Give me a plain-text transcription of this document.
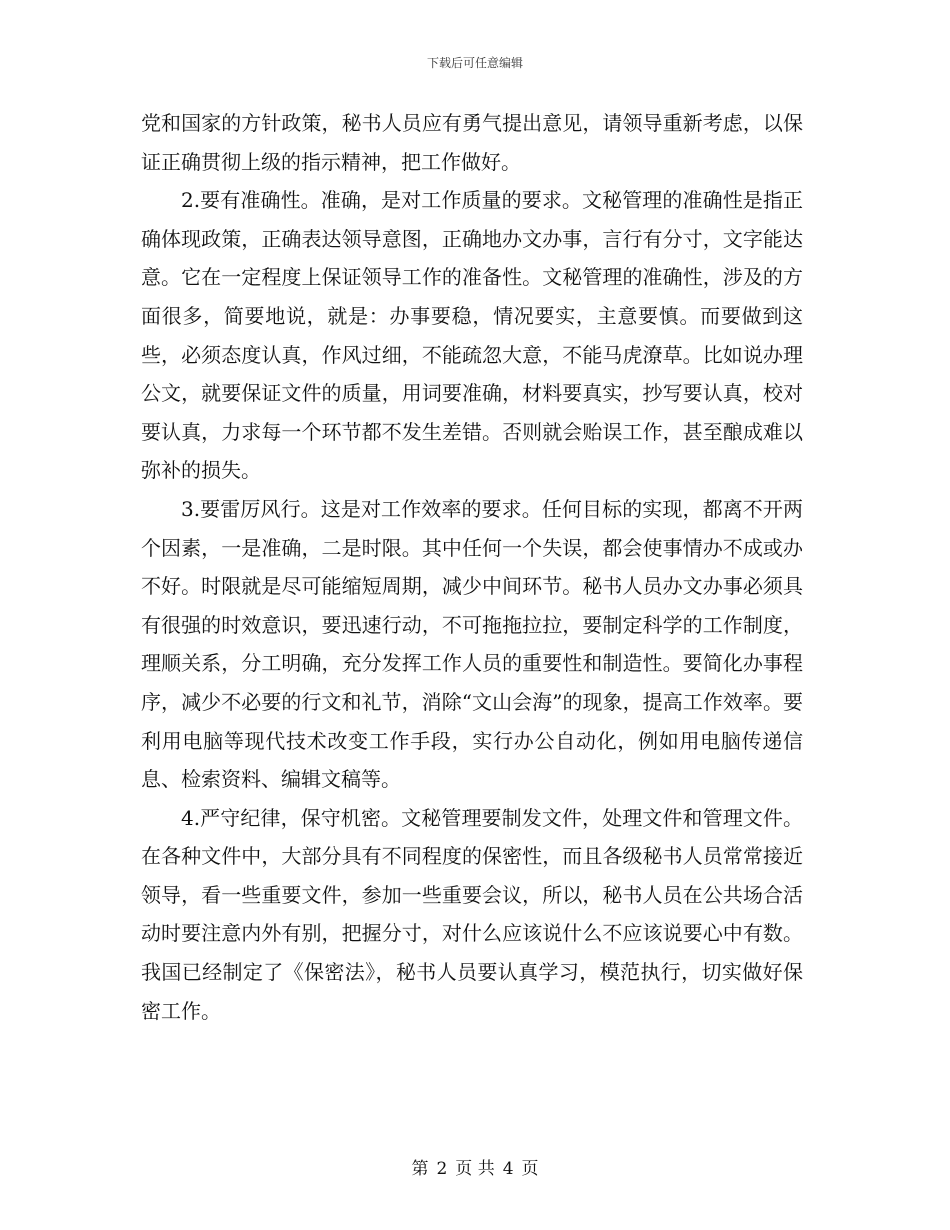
下载后可任意编辑

党和国家的方针政策，秘书人员应有勇气提出意见，请领导重新考虑，以保证正确贯彻上级的指示精神，把工作做好。

2.要有准确性。准确，是对工作质量的要求。文秘管理的准确性是指正确体现政策，正确表达领导意图，正确地办文办事，言行有分寸，文字能达意。它在一定程度上保证领导工作的准备性。文秘管理的准确性，涉及的方面很多，简要地说，就是：办事要稳，情况要实，主意要慎。而要做到这些，必须态度认真，作风过细，不能疏忽大意，不能马虎潦草。比如说办理公文，就要保证文件的质量，用词要准确，材料要真实，抄写要认真，校对要认真，力求每一个环节都不发生差错。否则就会贻误工作，甚至酿成难以弥补的损失。

3.要雷厉风行。这是对工作效率的要求。任何目标的实现，都离不开两个因素，一是准确，二是时限。其中任何一个失误，都会使事情办不成或办不好。时限就是尽可能缩短周期，减少中间环节。秘书人员办文办事必须具有很强的时效意识，要迅速行动，不可拖拖拉拉，要制定科学的工作制度，理顺关系，分工明确，充分发挥工作人员的重要性和制造性。要简化办事程序，减少不必要的行文和礼节，消除“文山会海”的现象，提高工作效率。要利用电脑等现代技术改变工作手段，实行办公自动化，例如用电脑传递信息、检索资料、编辑文稿等。

4.严守纪律，保守机密。文秘管理要制发文件，处理文件和管理文件。在各种文件中，大部分具有不同程度的保密性，而且各级秘书人员常常接近领导，看一些重要文件，参加一些重要会议，所以，秘书人员在公共场合活动时要注意内外有别，把握分寸，对什么应该说什么不应该说要心中有数。我国已经制定了《保密法》，秘书人员要认真学习，模范执行，切实做好保密工作。

第 2 页 共 4 页
